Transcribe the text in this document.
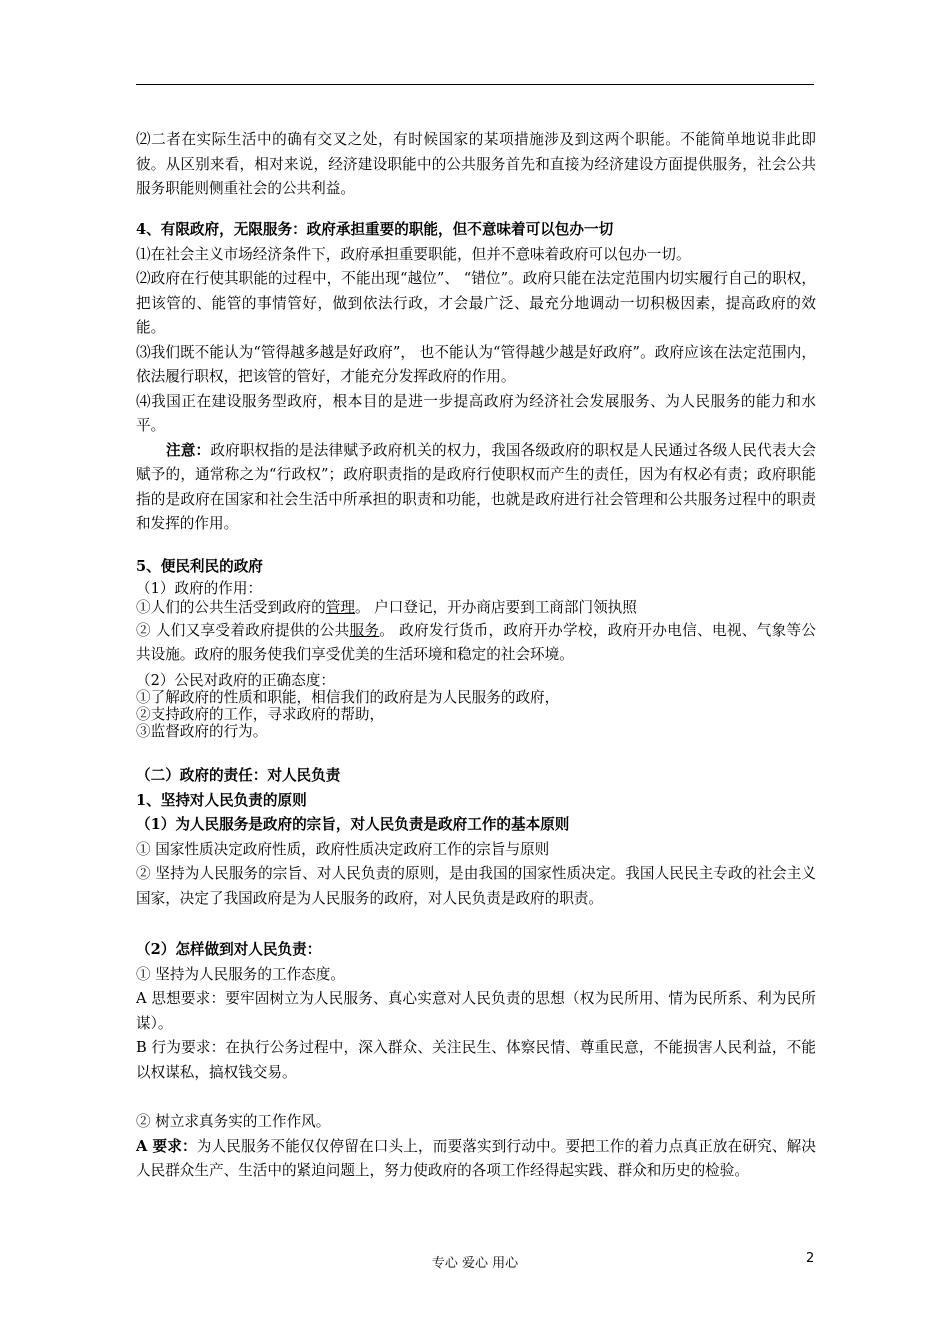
⑵二者在实际生活中的确有交叉之处，有时候国家的某项措施涉及到这两个职能。不能简单地说非此即彼。从区别来看，相对来说，经济建设职能中的公共服务首先和直接为经济建设方面提供服务，社会公共服务职能则侧重社会的公共利益。

4、有限政府，无限服务：政府承担重要的职能，但不意味着可以包办一切

⑴在社会主义市场经济条件下，政府承担重要职能，但并不意味着政府可以包办一切。

⑵政府在行使其职能的过程中，不能出现“越位”、 “错位”。政府只能在法定范围内切实履行自己的职权，把该管的、能管的事情管好，做到依法行政，才会最广泛、最充分地调动一切积极因素，提高政府的效能。

⑶我们既不能认为“管得越多越是好政府”， 也不能认为“管得越少越是好政府”。政府应该在法定范围内，依法履行职权，把该管的管好，才能充分发挥政府的作用。

⑷我国正在建设服务型政府，根本目的是进一步提高政府为经济社会发展服务、为人民服务的能力和水平。

注意：政府职权指的是法律赋予政府机关的权力，我国各级政府的职权是人民通过各级人民代表大会赋予的，通常称之为“行政权”；政府职责指的是政府行使职权而产生的责任，因为有权必有责；政府职能指的是政府在国家和社会生活中所承担的职责和功能，也就是政府进行社会管理和公共服务过程中的职责和发挥的作用。

5、便民利民的政府

（1）政府的作用：

①人们的公共生活受到政府的管理。 户口登记，开办商店要到工商部门领执照

② 人们又享受着政府提供的公共服务。 政府发行货币，政府开办学校，政府开办电信、电视、气象等公共设施。政府的服务使我们享受优美的生活环境和稳定的社会环境。

（2）公民对政府的正确态度：

①了解政府的性质和职能，相信我们的政府是为人民服务的政府，

②支持政府的工作，寻求政府的帮助，

③监督政府的行为。

（二）政府的责任：对人民负责

1、坚持对人民负责的原则

（1）为人民服务是政府的宗旨，对人民负责是政府工作的基本原则

① 国家性质决定政府性质，政府性质决定政府工作的宗旨与原则

② 坚持为人民服务的宗旨、对人民负责的原则，是由我国的国家性质决定。我国人民民主专政的社会主义国家，决定了我国政府是为人民服务的政府，对人民负责是政府的职责。

（2）怎样做到对人民负责：

① 坚持为人民服务的工作态度。

A 思想要求：要牢固树立为人民服务、真心实意对人民负责的思想（权为民所用、情为民所系、利为民所谋）。

B 行为要求：在执行公务过程中，深入群众、关注民生、体察民情、尊重民意，不能损害人民利益，不能以权谋私，搞权钱交易。

② 树立求真务实的工作作风。

A 要求：为人民服务不能仅仅停留在口头上，而要落实到行动中。要把工作的着力点真正放在研究、解决人民群众生产、生活中的紧迫问题上，努力使政府的各项工作经得起实践、群众和历史的检验。

专心 爱心 用心	2
